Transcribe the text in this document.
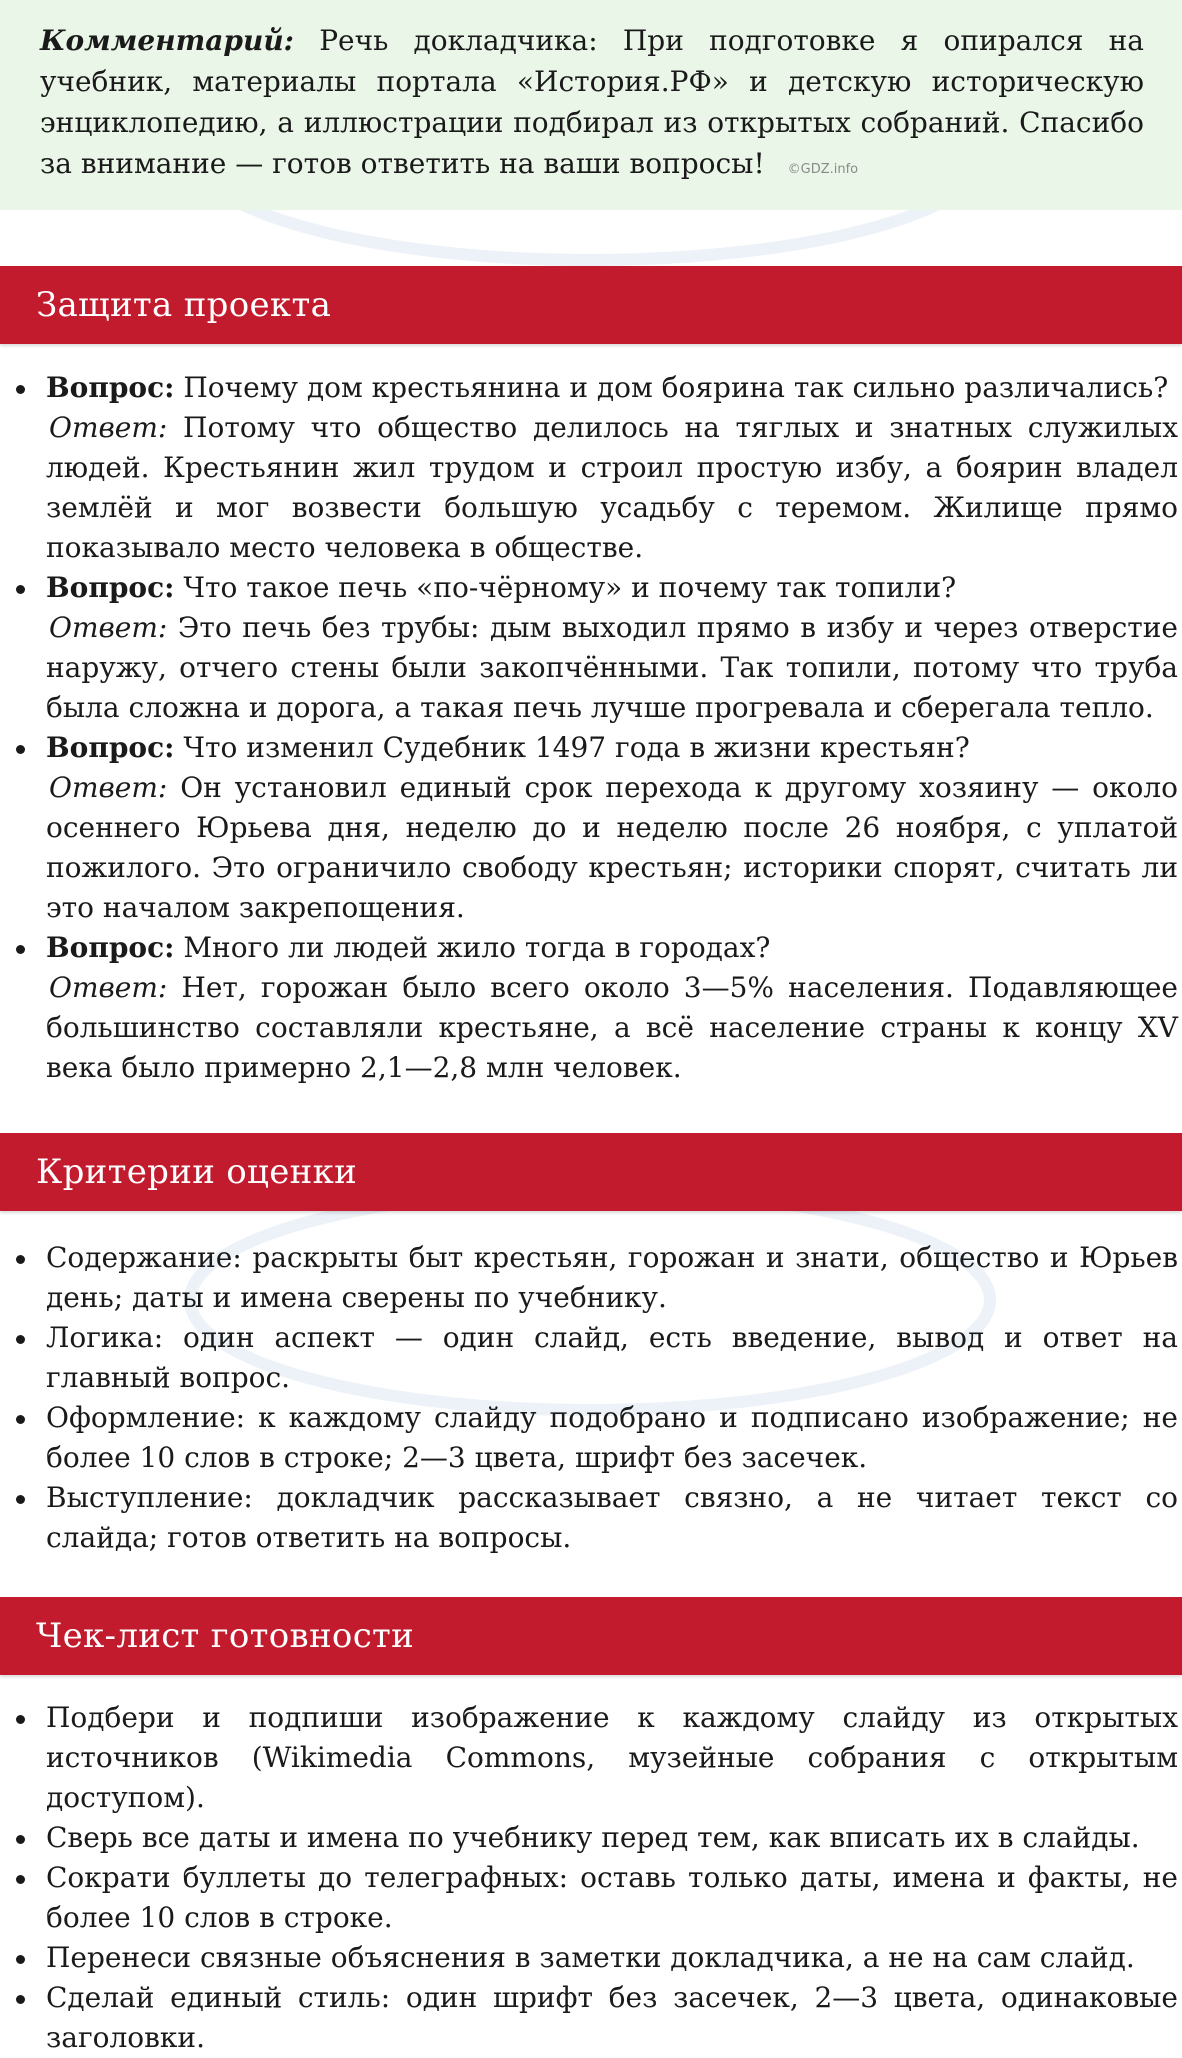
Комментарий: Речь докладчика: При подготовке я опирался на учебник, материалы портала «История.РФ» и детскую историческую энциклопедию, а иллюстрации подбирал из открытых собраний. Спасибо за внимание — готов ответить на ваши вопросы! ©GDZ.info
Защита проекта
Вопрос: Почему дом крестьянина и дом боярина так сильно различались?
Ответ: Потому что общество делилось на тяглых и знатных служилых людей. Крестьянин жил трудом и строил простую избу, а боярин владел землёй и мог возвести большую усадьбу с теремом. Жилище прямо показывало место человека в обществе.
Вопрос: Что такое печь «по-чёрному» и почему так топили?
Ответ: Это печь без трубы: дым выходил прямо в избу и через отверстие наружу, отчего стены были закопчёнными. Так топили, потому что труба была сложна и дорога, а такая печь лучше прогревала и сберегала тепло.
Вопрос: Что изменил Судебник 1497 года в жизни крестьян?
Ответ: Он установил единый срок перехода к другому хозяину — около осеннего Юрьева дня, неделю до и неделю после 26 ноября, с уплатой пожилого. Это ограничило свободу крестьян; историки спорят, считать ли это началом закрепощения.
Вопрос: Много ли людей жило тогда в городах?
Ответ: Нет, горожан было всего около 3—5% населения. Подавляющее большинство составляли крестьяне, а всё население страны к концу XV века было примерно 2,1—2,8 млн человек.
Критерии оценки
Содержание: раскрыты быт крестьян, горожан и знати, общество и Юрьев день; даты и имена сверены по учебнику.
Логика: один аспект — один слайд, есть введение, вывод и ответ на главный вопрос.
Оформление: к каждому слайду подобрано и подписано изображение; не более 10 слов в строке; 2—3 цвета, шрифт без засечек.
Выступление: докладчик рассказывает связно, а не читает текст со слайда; готов ответить на вопросы.
Чек-лист готовности
Подбери и подпиши изображение к каждому слайду из открытых источников (Wikimedia Commons, музейные собрания с открытым доступом).
Сверь все даты и имена по учебнику перед тем, как вписать их в слайды.
Сократи буллеты до телеграфных: оставь только даты, имена и факты, не более 10 слов в строке.
Перенеси связные объяснения в заметки докладчика, а не на сам слайд.
Сделай единый стиль: один шрифт без засечек, 2—3 цвета, одинаковые заголовки.
